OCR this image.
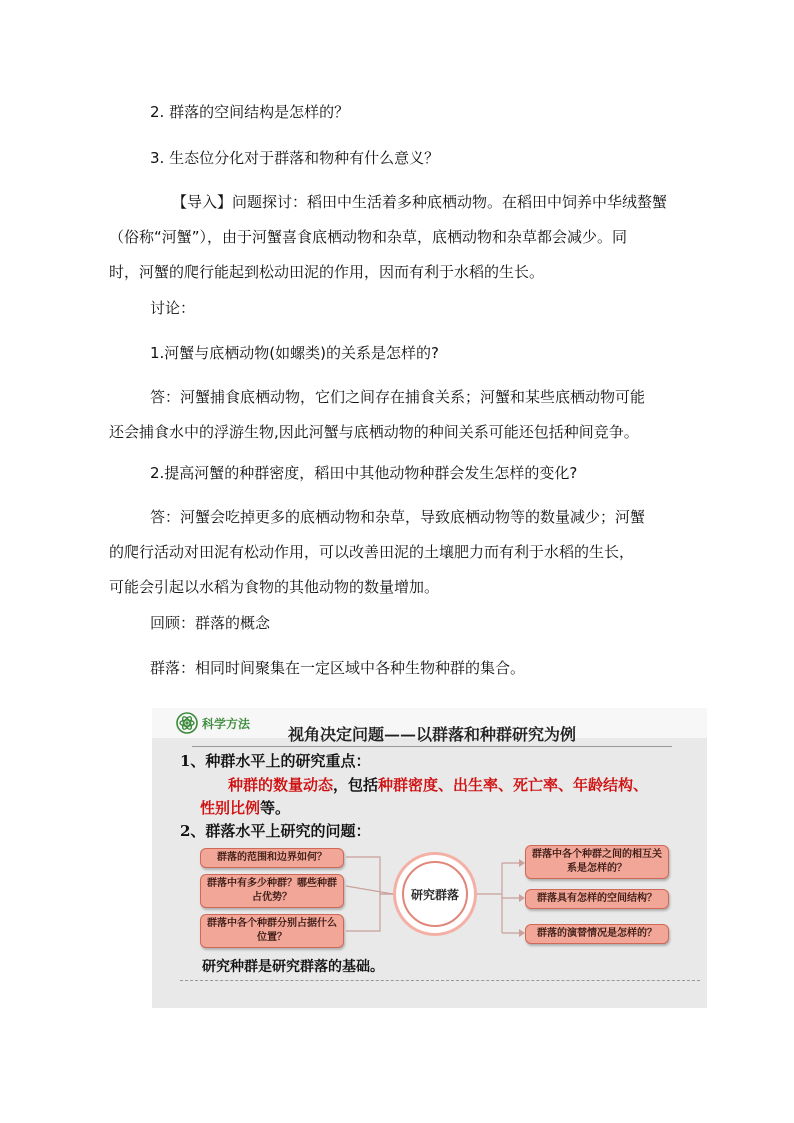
2. 群落的空间结构是怎样的？

3. 生态位分化对于群落和物种有什么意义？

【导入】问题探讨：稻田中生活着多种底栖动物。在稻田中饲养中华绒螯蟹
（俗称“河蟹”），由于河蟹喜食底栖动物和杂草，底栖动物和杂草都会减少。同
时，河蟹的爬行能起到松动田泥的作用，因而有利于水稻的生长。

讨论：

1.河蟹与底栖动物(如螺类)的关系是怎样的?

答：河蟹捕食底栖动物，它们之间存在捕食关系；河蟹和某些底栖动物可能
还会捕食水中的浮游生物,因此河蟹与底栖动物的种间关系可能还包括种间竞争。

2.提高河蟹的种群密度，稻田中其他动物种群会发生怎样的变化?

答：河蟹会吃掉更多的底栖动物和杂草，导致底栖动物等的数量减少；河蟹
的爬行活动对田泥有松动作用，可以改善田泥的土壤肥力而有利于水稻的生长，
可能会引起以水稻为食物的其他动物的数量增加。

回顾：群落的概念

群落：相同时间聚集在一定区域中各种生物种群的集合。

科学方法
视角决定问题——以群落和种群研究为例
1、种群水平上的研究重点：
种群的数量动态，包括种群密度、出生率、死亡率、年龄结构、
性别比例等。
2、群落水平上研究的问题：
群落的范围和边界如何？
群落中有多少种群？哪些种群占优势？
群落中各个种群分别占据什么位置？
研究群落
群落中各个种群之间的相互关系是怎样的？
群落具有怎样的空间结构？
群落的演替情况是怎样的？
研究种群是研究群落的基础。
